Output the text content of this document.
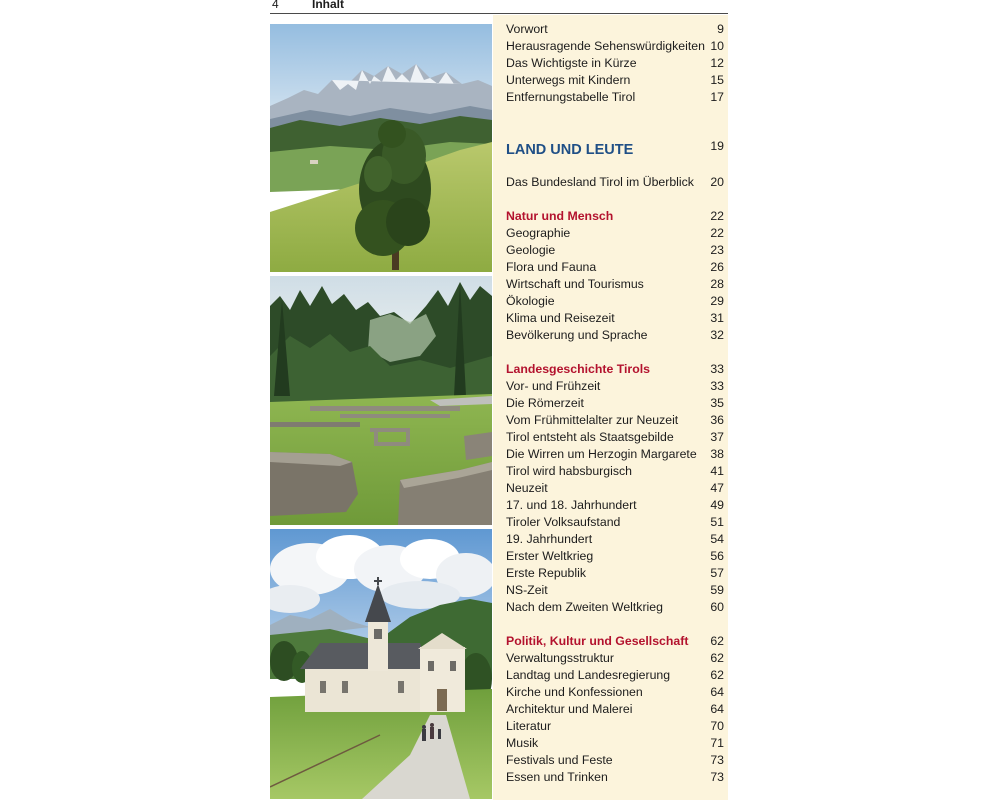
4	Inhalt
Vorwort	9
Herausragende Sehenswürdigkeiten 10
Das Wichtigste in Kürze	12
Unterwegs mit Kindern	15
Entfernungstabelle Tirol	17
LAND UND LEUTE	19
Das Bundesland Tirol im Überblick 20
Natur und Mensch	22
Geographie	22
Geologie	23
Flora und Fauna	26
Wirtschaft und Tourismus	28
Ökologie	29
Klima und Reisezeit	31
Bevölkerung und Sprache	32
Landesgeschichte Tirols	33
Vor- und Frühzeit	33
Die Römerzeit	35
Vom Frühmittelalter zur Neuzeit	36
Tirol entsteht als Staatsgebilde	37
Die Wirren um Herzogin Margarete 38
Tirol wird habsburgisch	41
Neuzeit	47
17. und 18. Jahrhundert	49
Tiroler Volksaufstand	51
19. Jahrhundert	54
Erster Weltkrieg	56
Erste Republik	57
NS-Zeit	59
Nach dem Zweiten Weltkrieg	60
Politik, Kultur und Gesellschaft 62
Verwaltungsstruktur	62
Landtag und Landesregierung	62
Kirche und Konfessionen	64
Architektur und Malerei	64
Literatur	70
Musik	71
Festivals und Feste	73
Essen und Trinken	73
